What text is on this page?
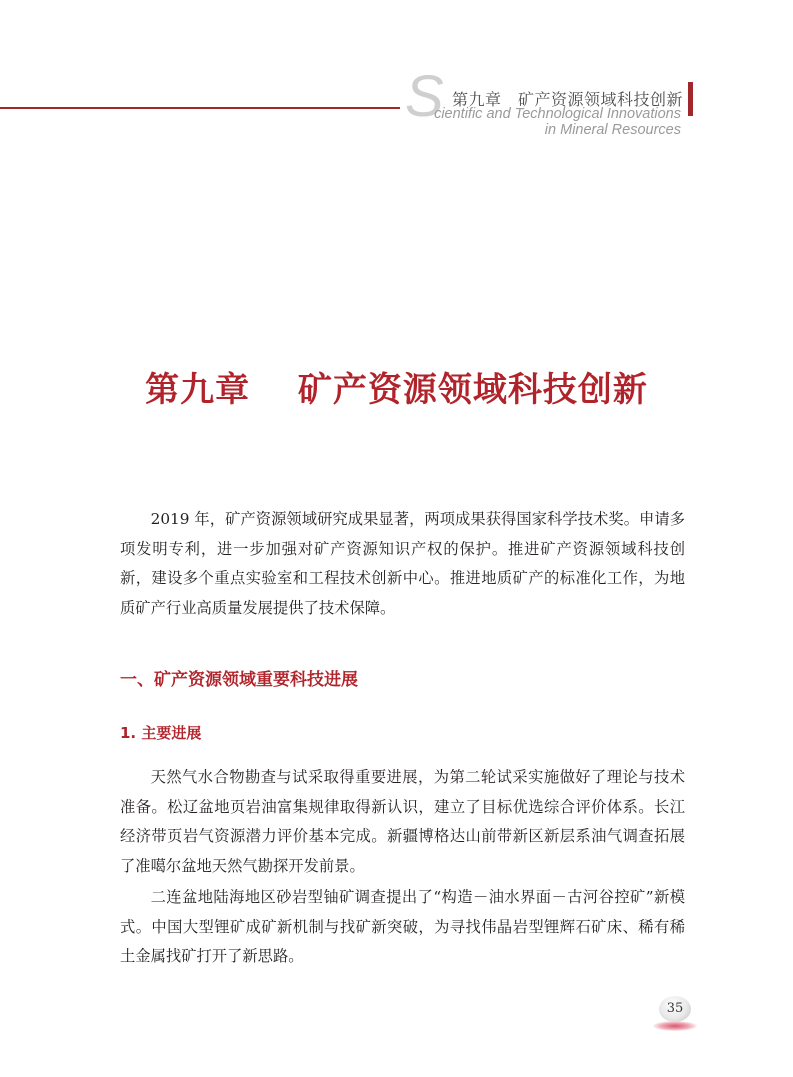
S 第九章　矿产资源领域科技创新
cientific and Technological Innovations
in Mineral Resources
第九章　 矿产资源领域科技创新

2019 年，矿产资源领域研究成果显著，两项成果获得国家科学技术奖。申请多项发明专利，进一步加强对矿产资源知识产权的保护。推进矿产资源领域科技创新，建设多个重点实验室和工程技术创新中心。推进地质矿产的标准化工作，为地质矿产行业高质量发展提供了技术保障。

一、矿产资源领域重要科技进展
1. 主要进展

天然气水合物勘查与试采取得重要进展，为第二轮试采实施做好了理论与技术准备。松辽盆地页岩油富集规律取得新认识，建立了目标优选综合评价体系。长江经济带页岩气资源潜力评价基本完成。新疆博格达山前带新区新层系油气调查拓展了准噶尔盆地天然气勘探开发前景。

二连盆地陆海地区砂岩型铀矿调查提出了“构造－油水界面－古河谷控矿”新模式。中国大型锂矿成矿新机制与找矿新突破，为寻找伟晶岩型锂辉石矿床、稀有稀土金属找矿打开了新思路。

35
